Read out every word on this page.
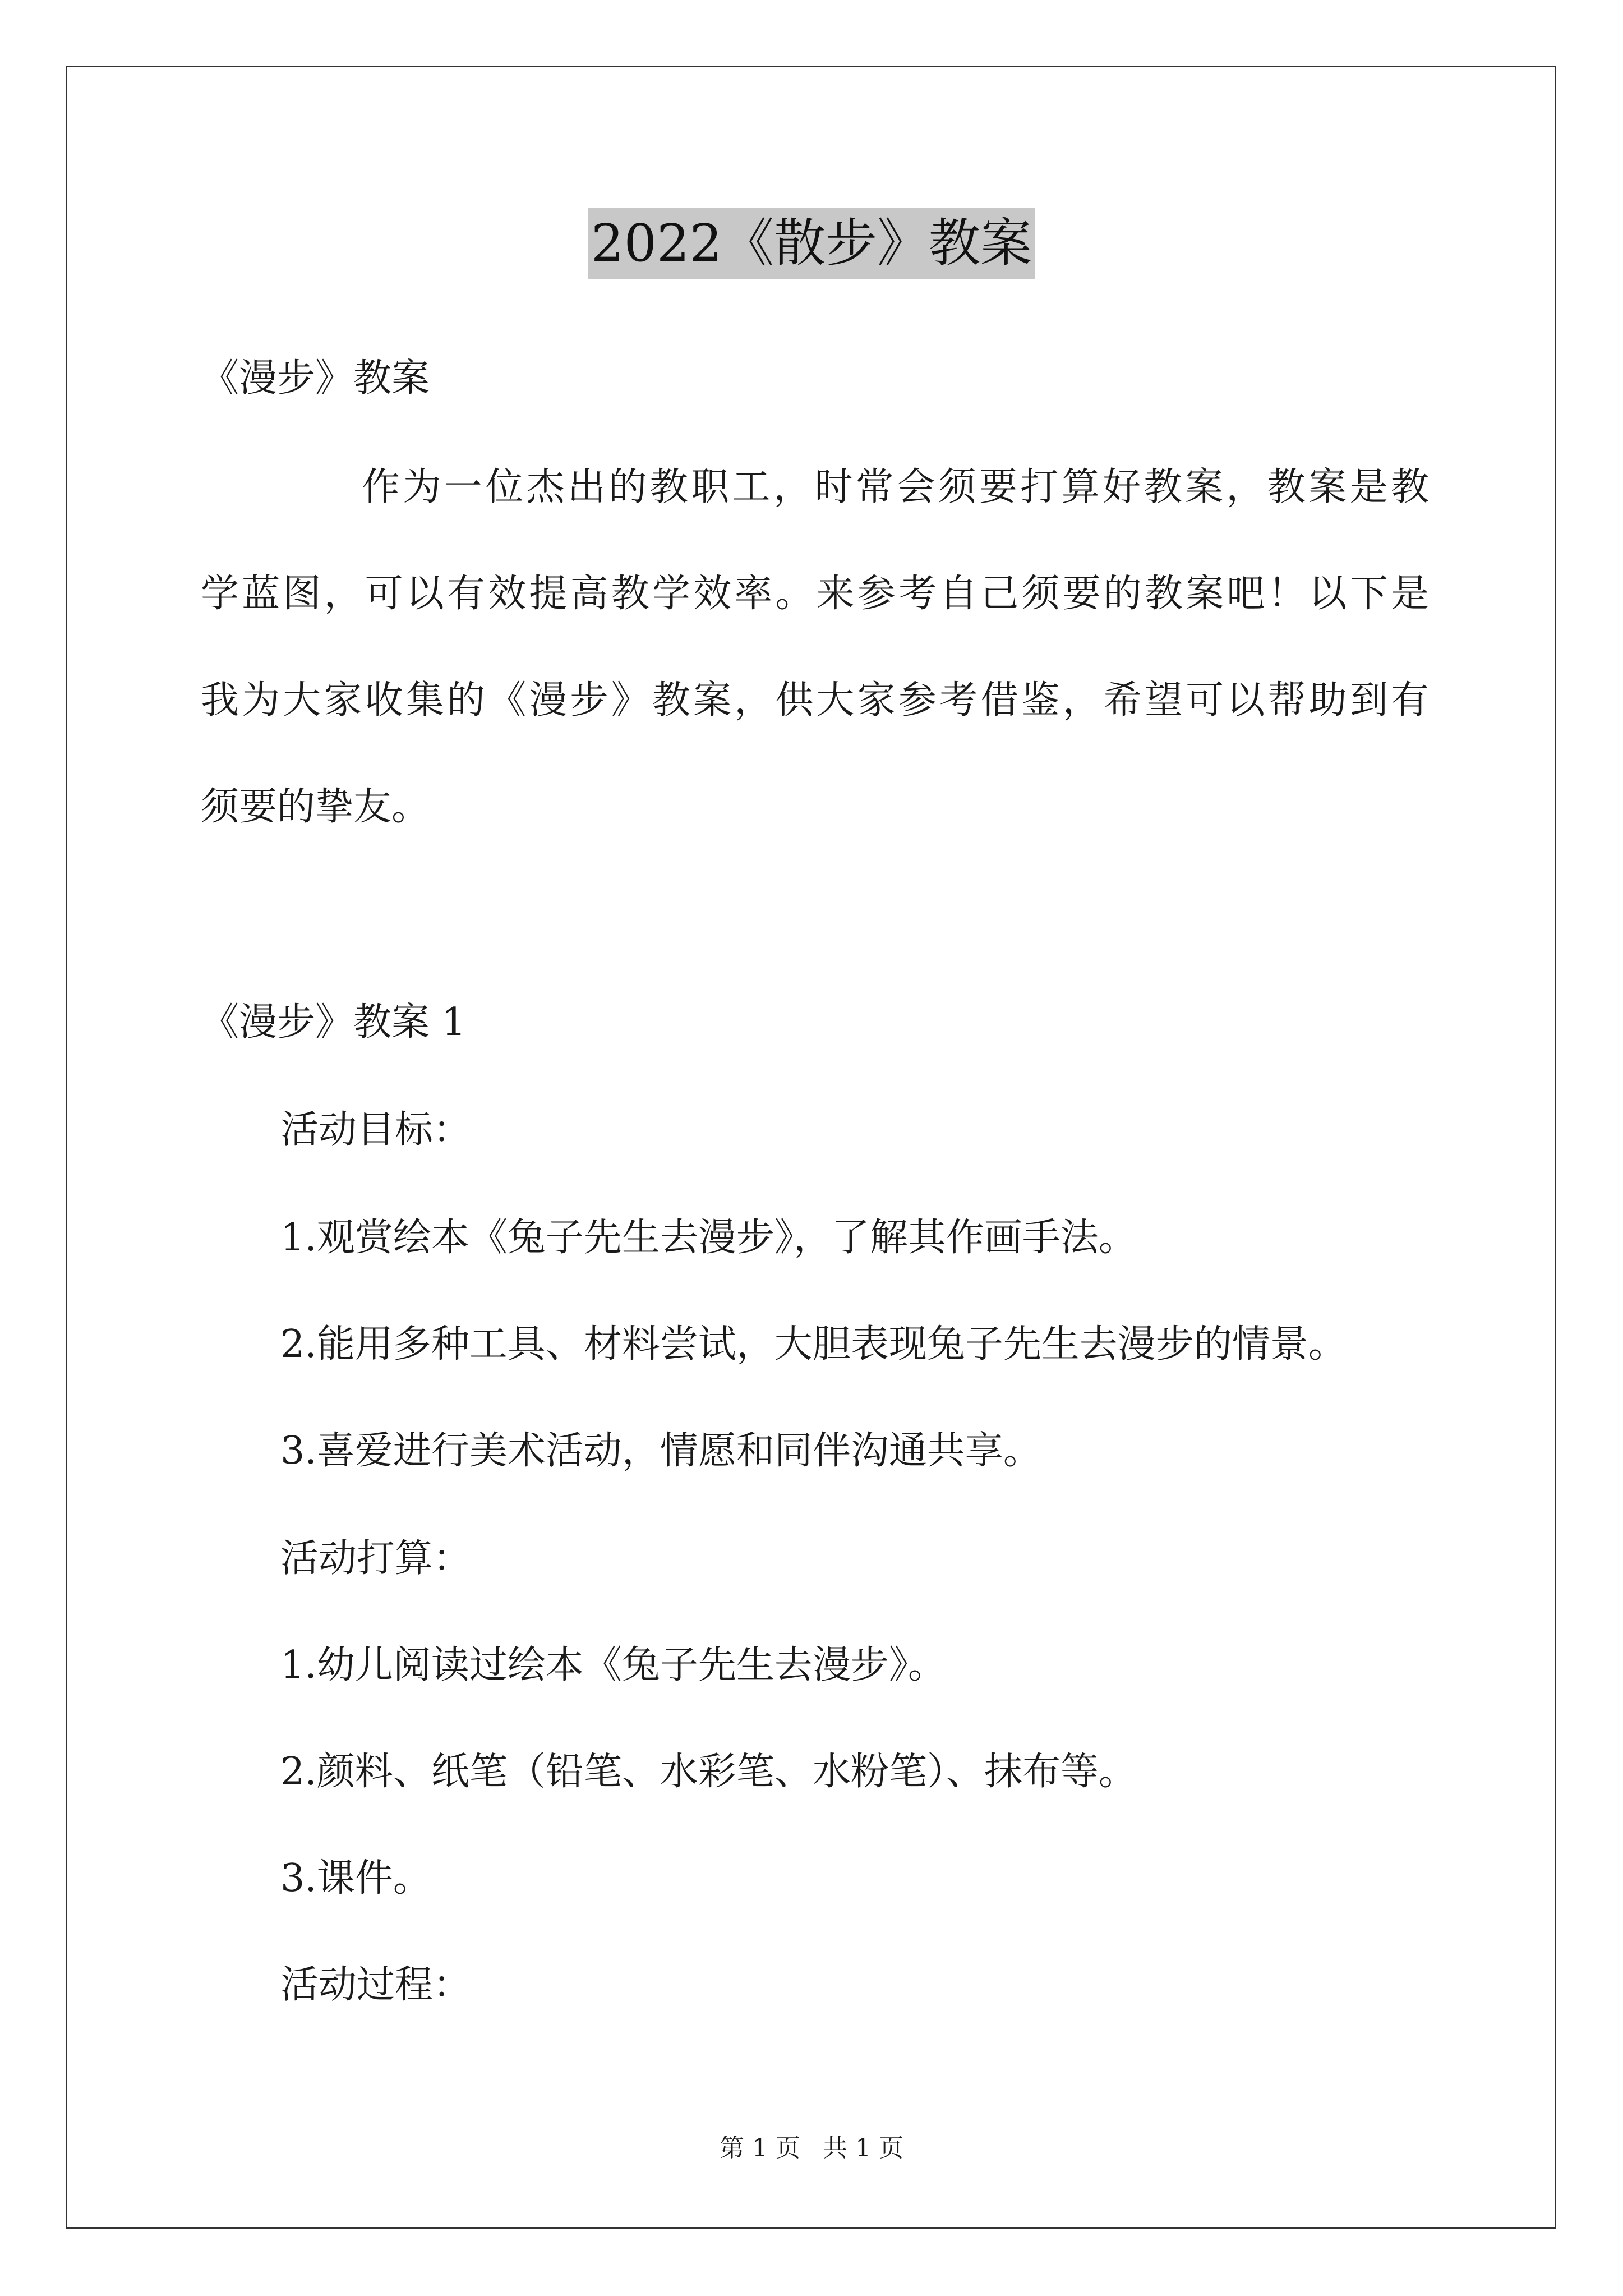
2022《散步》教案
《漫步》教案
作为一位杰出的教职工，时常会须要打算好教案，教案是教
学蓝图，可以有效提高教学效率。来参考自己须要的教案吧！以下是
我为大家收集的《漫步》教案，供大家参考借鉴，希望可以帮助到有
须要的挚友。
《漫步》教案 1
活动目标：
1.观赏绘本《兔子先生去漫步》，了解其作画手法。
2.能用多种工具、材料尝试，大胆表现兔子先生去漫步的情景。
3.喜爱进行美术活动，情愿和同伴沟通共享。
活动打算：
1.幼儿阅读过绘本《兔子先生去漫步》。
2.颜料、纸笔（铅笔、水彩笔、水粉笔）、抹布等。
3.课件。
活动过程：
第 1 页 共 1 页
